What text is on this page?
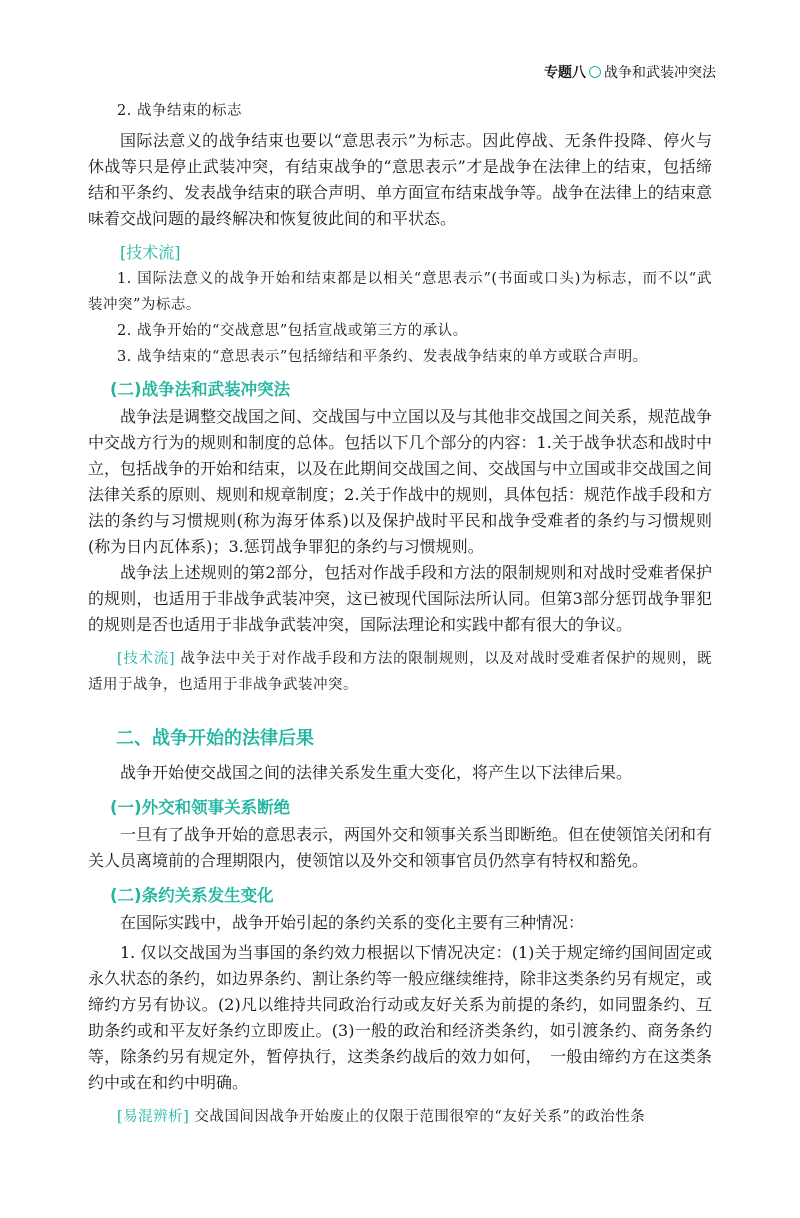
专题八 战争和武装冲突法

2. 战争结束的标志

国际法意义的战争结束也要以“意思表示”为标志。因此停战、无条件投降、停火与休战等只是停止武装冲突，有结束战争的“意思表示”才是战争在法律上的结束，包括缔结和平条约、发表战争结束的联合声明、单方面宣布结束战争等。战争在法律上的结束意味着交战问题的最终解决和恢复彼此间的和平状态。

[技术流]

1. 国际法意义的战争开始和结束都是以相关“意思表示”(书面或口头)为标志，而不以“武装冲突”为标志。

2. 战争开始的“交战意思”包括宣战或第三方的承认。

3. 战争结束的“意思表示”包括缔结和平条约、发表战争结束的单方或联合声明。

(二)战争法和武装冲突法

战争法是调整交战国之间、交战国与中立国以及与其他非交战国之间关系，规范战争中交战方行为的规则和制度的总体。包括以下几个部分的内容：1.关于战争状态和战时中立，包括战争的开始和结束，以及在此期间交战国之间、交战国与中立国或非交战国之间法律关系的原则、规则和规章制度；2.关于作战中的规则，具体包括：规范作战手段和方法的条约与习惯规则(称为海牙体系)以及保护战时平民和战争受难者的条约与习惯规则(称为日内瓦体系)；3.惩罚战争罪犯的条约与习惯规则。

战争法上述规则的第2部分，包括对作战手段和方法的限制规则和对战时受难者保护的规则，也适用于非战争武装冲突，这已被现代国际法所认同。但第3部分惩罚战争罪犯的规则是否也适用于非战争武装冲突，国际法理论和实践中都有很大的争议。

[技术流] 战争法中关于对作战手段和方法的限制规则，以及对战时受难者保护的规则，既适用于战争，也适用于非战争武装冲突。

二、战争开始的法律后果

战争开始使交战国之间的法律关系发生重大变化，将产生以下法律后果。

(一)外交和领事关系断绝

一旦有了战争开始的意思表示，两国外交和领事关系当即断绝。但在使领馆关闭和有关人员离境前的合理期限内，使领馆以及外交和领事官员仍然享有特权和豁免。

(二)条约关系发生变化

在国际实践中，战争开始引起的条约关系的变化主要有三种情况：

1. 仅以交战国为当事国的条约效力根据以下情况决定：(1)关于规定缔约国间固定或永久状态的条约，如边界条约、割让条约等一般应继续维持，除非这类条约另有规定，或缔约方另有协议。(2)凡以维持共同政治行动或友好关系为前提的条约，如同盟条约、互助条约或和平友好条约立即废止。(3)一般的政治和经济类条约，如引渡条约、商务条约等，除条约另有规定外，暂停执行，这类条约战后的效力如何，　一般由缔约方在这类条约中或在和约中明确。

[易混辨析] 交战国间因战争开始废止的仅限于范围很窄的“友好关系”的政治性条
